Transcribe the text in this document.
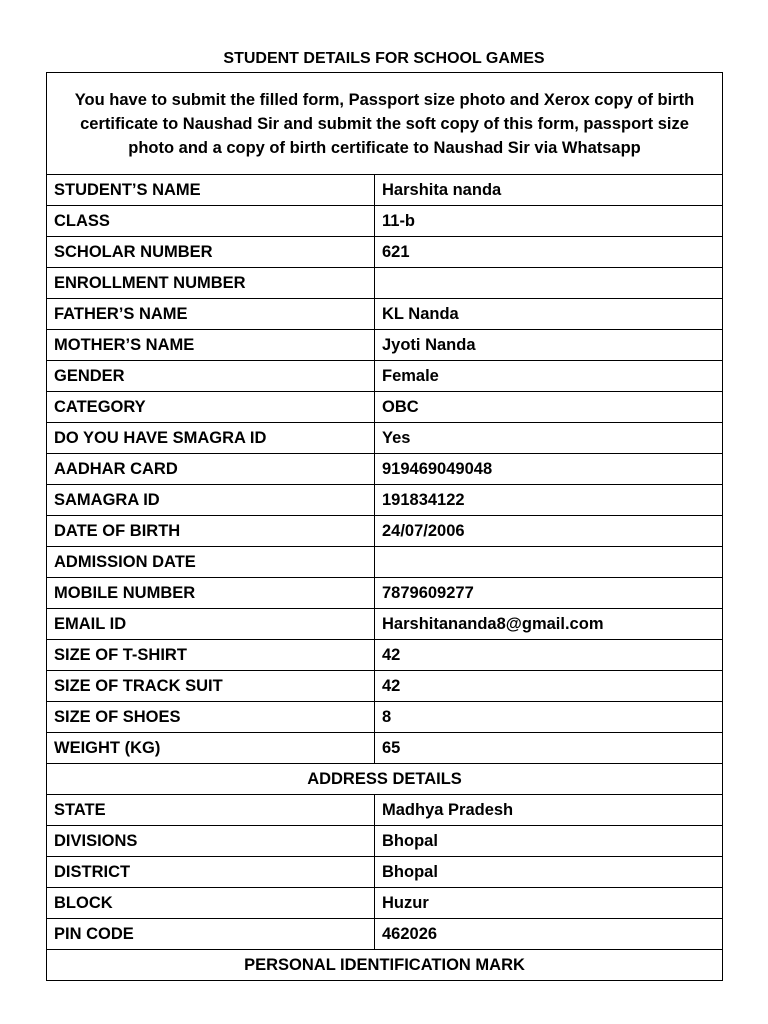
STUDENT DETAILS FOR SCHOOL GAMES
You have to submit the filled form, Passport size photo and Xerox copy of birth certificate to Naushad Sir and submit the soft copy of this form, passport size photo and a copy of birth certificate to Naushad Sir via Whatsapp	
STUDENT’S NAME	Harshita nanda
CLASS	11-b
SCHOLAR NUMBER	621
ENROLLMENT NUMBER	
FATHER’S NAME	KL Nanda
MOTHER’S NAME	Jyoti Nanda
GENDER	Female
CATEGORY	OBC
DO YOU HAVE SMAGRA ID	Yes
AADHAR CARD	919469049048
SAMAGRA ID	191834122
DATE OF BIRTH	24/07/2006
ADMISSION DATE	
MOBILE NUMBER	7879609277
EMAIL ID	Harshitananda8@gmail.com
SIZE OF T-SHIRT	42
SIZE OF TRACK SUIT	42
SIZE OF SHOES	8
WEIGHT (KG)	65
ADDRESS DETAILS	
STATE	Madhya Pradesh
DIVISIONS	Bhopal
DISTRICT	Bhopal
BLOCK	Huzur
PIN CODE	462026
PERSONAL IDENTIFICATION MARK	
